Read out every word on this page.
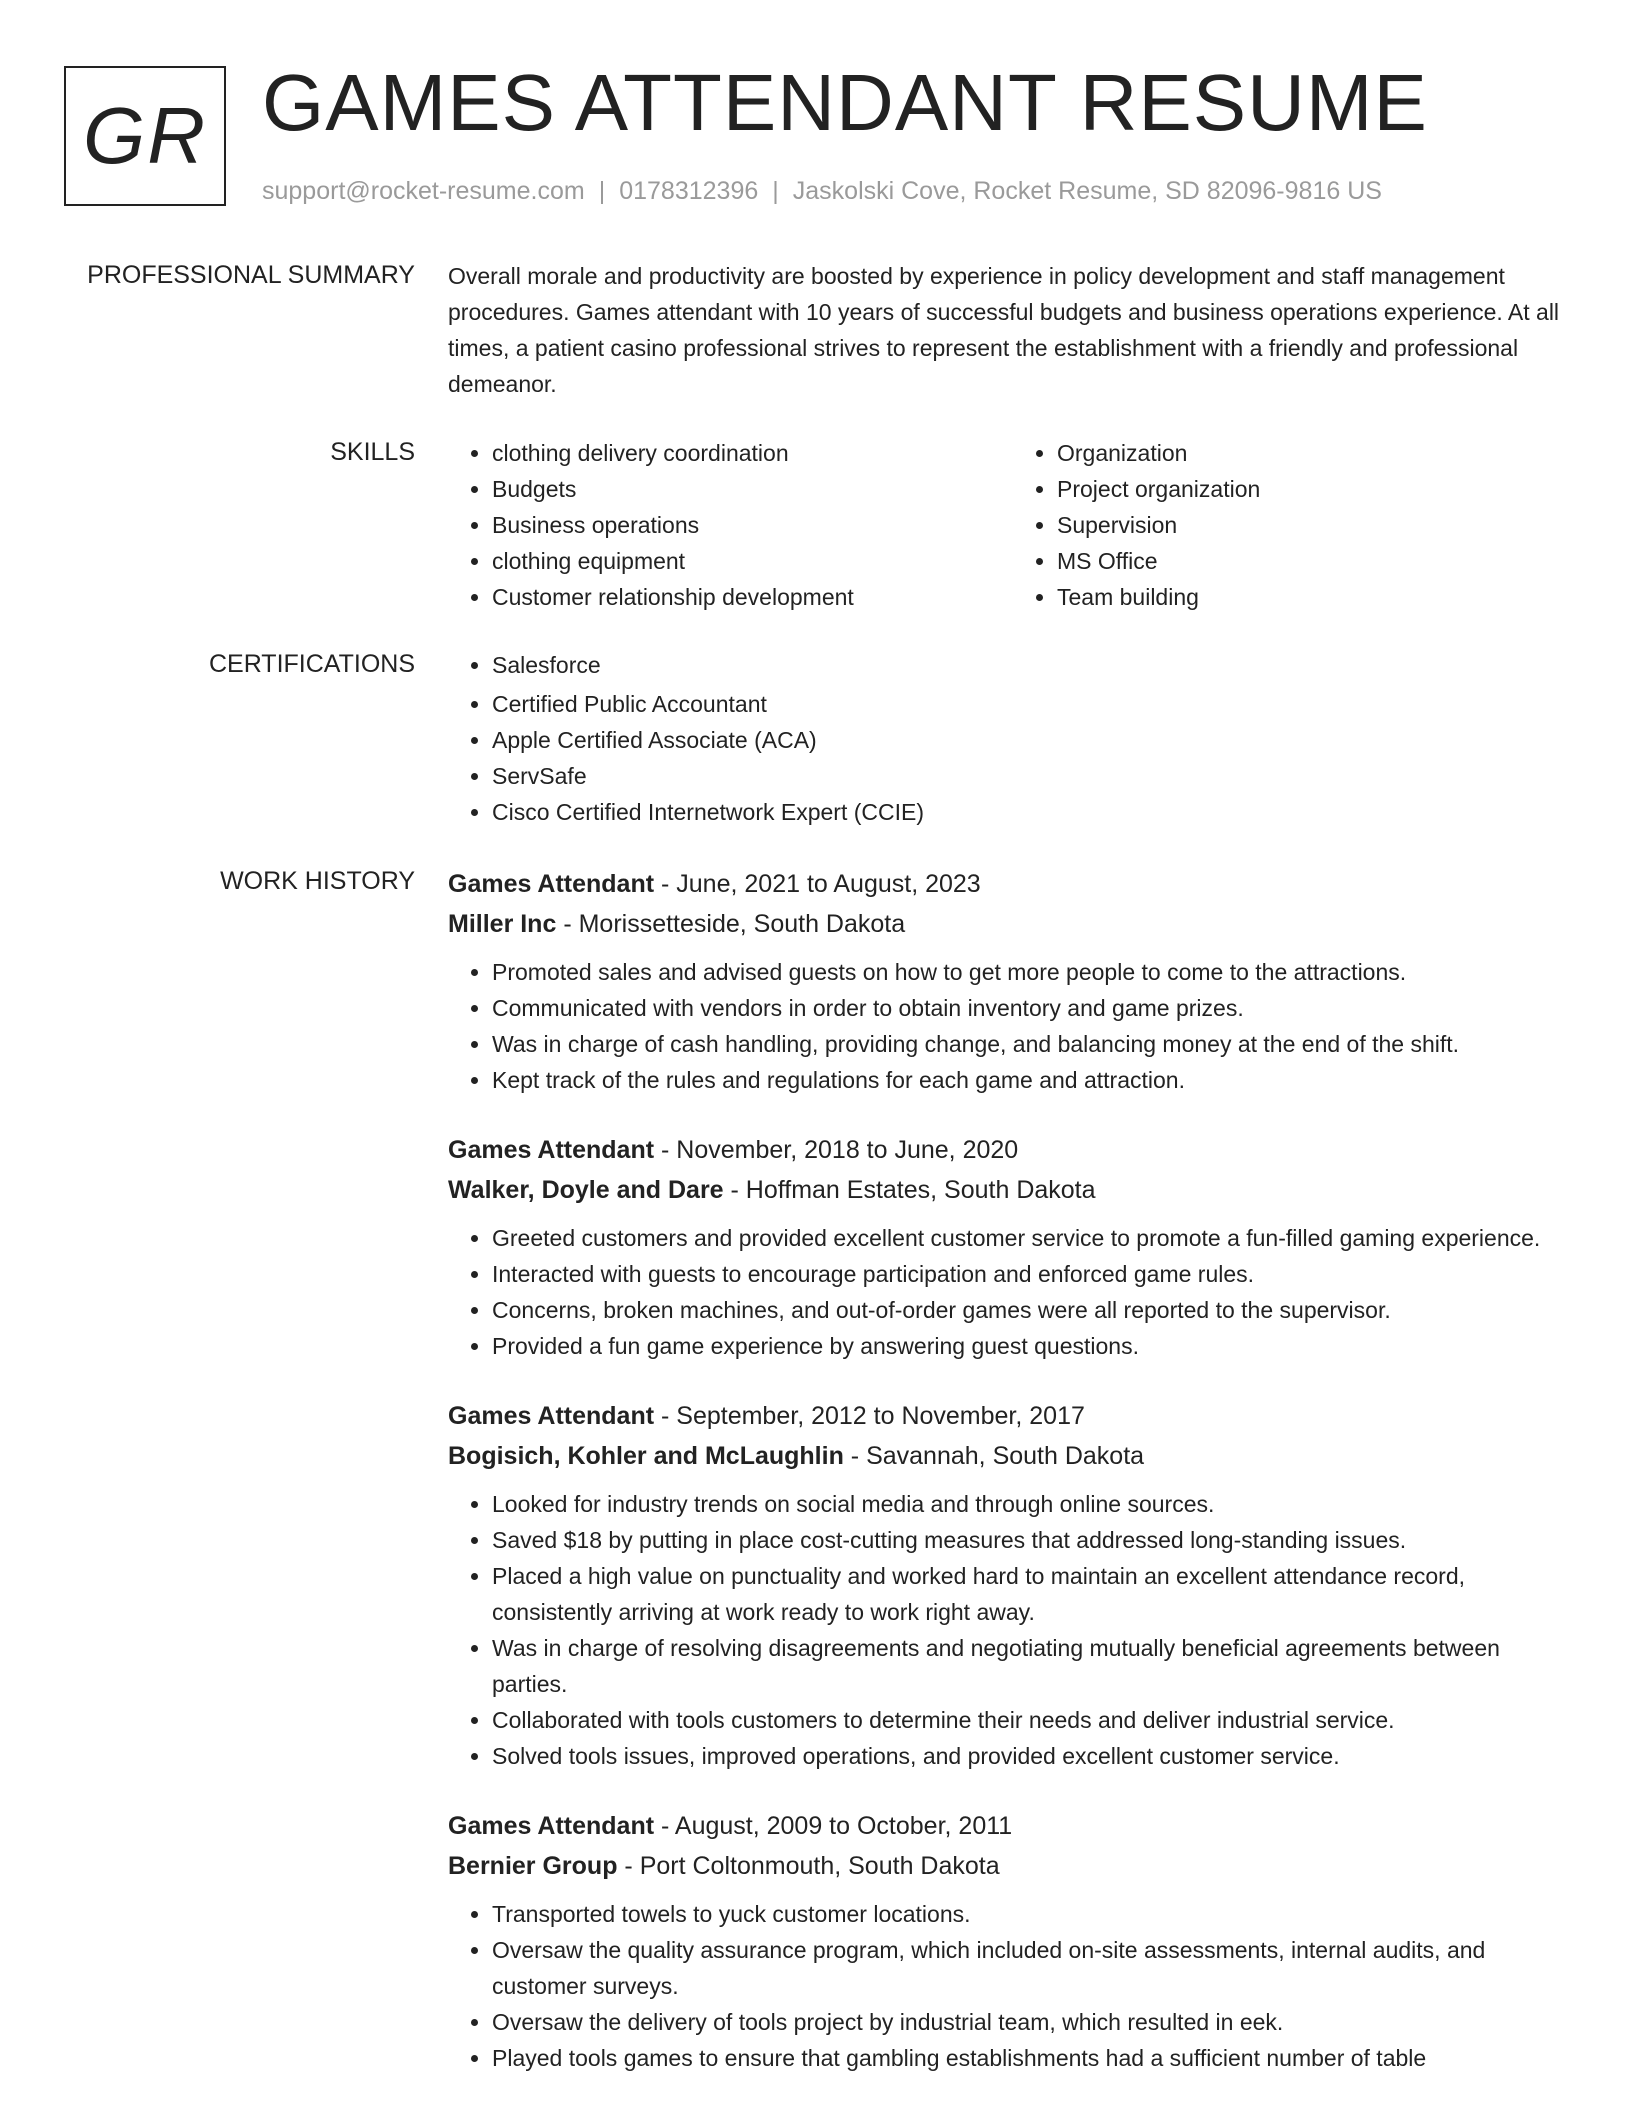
GR GAMES ATTENDANT RESUME
support@rocket-resume.com | 0178312396 | Jaskolski Cove, Rocket Resume, SD 82096-9816 US
PROFESSIONAL SUMMARY Overall morale and productivity are boosted by experience in policy development and staff management procedures. Games attendant with 10 years of successful budgets and business operations experience. At all times, a patient casino professional strives to represent the establishment with a friendly and professional demeanor.

SKILLS	• clothing delivery coordination
• Budgets
• Business operations
• clothing equipment
• Customer relationship development
• Organization
• Project organization
• Supervision
• MS Office
• Team building
CERTIFICATIONS	• Salesforce
• Certified Public Accountant
• Apple Certified Associate (ACA)
• ServSafe
• Cisco Certified Internetwork Expert (CCIE)
WORK HISTORY Games Attendant - June, 2021 to August, 2023
Miller Inc - Morissetteside, South Dakota
• Promoted sales and advised guests on how to get more people to come to the attractions.
• Communicated with vendors in order to obtain inventory and game prizes.
• Was in charge of cash handling, providing change, and balancing money at the end of the shift.
• Kept track of the rules and regulations for each game and attraction.
Games Attendant - November, 2018 to June, 2020
Walker, Doyle and Dare - Hoffman Estates, South Dakota
• Greeted customers and provided excellent customer service to promote a fun-filled gaming experience.
• Interacted with guests to encourage participation and enforced game rules.
• Concerns, broken machines, and out-of-order games were all reported to the supervisor.
• Provided a fun game experience by answering guest questions.
Games Attendant - September, 2012 to November, 2017
Bogisich, Kohler and McLaughlin - Savannah, South Dakota
• Looked for industry trends on social media and through online sources.
• Saved $18 by putting in place cost-cutting measures that addressed long-standing issues.
• Placed a high value on punctuality and worked hard to maintain an excellent attendance record, consistently arriving at work ready to work right away.
• Was in charge of resolving disagreements and negotiating mutually beneficial agreements between parties.
• Collaborated with tools customers to determine their needs and deliver industrial service.
• Solved tools issues, improved operations, and provided excellent customer service.
Games Attendant - August, 2009 to October, 2011
Bernier Group - Port Coltonmouth, South Dakota
• Transported towels to yuck customer locations.
• Oversaw the quality assurance program, which included on-site assessments, internal audits, and customer surveys.
• Oversaw the delivery of tools project by industrial team, which resulted in eek.
• Played tools games to ensure that gambling establishments had a sufficient number of table
